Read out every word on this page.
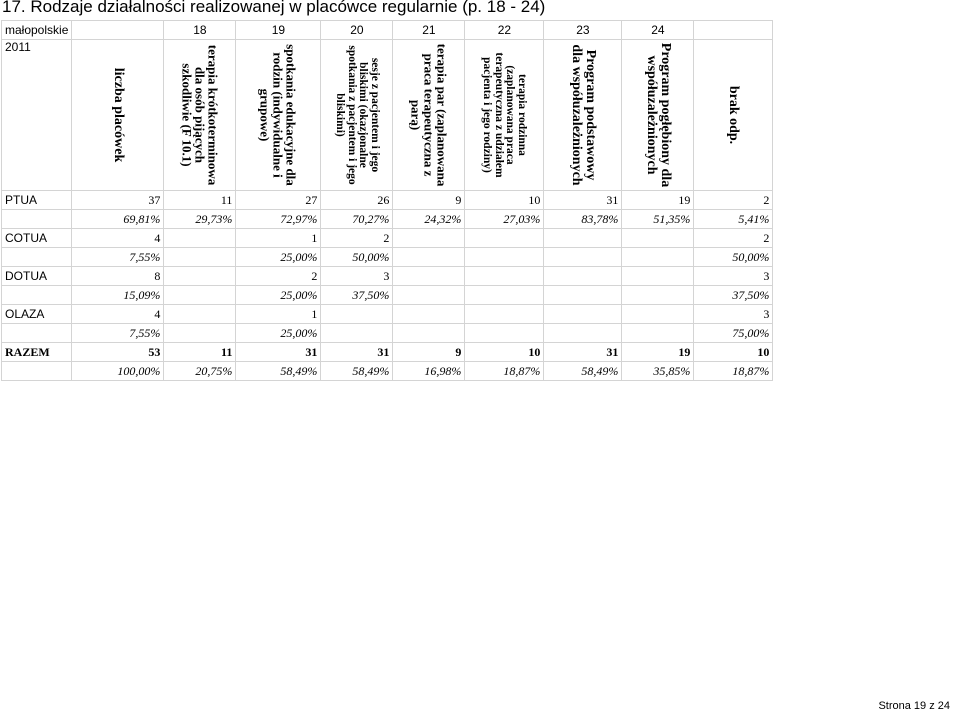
17. Rodzaje działalności realizowanej w placówce regularnie (p. 18 - 24)
małopolskie		18	19	20	21	22	23	24	
2011	liczba placówek	terapia krótkoterminowa dla osób pijących szkodliwie (F 10.1)	spotkania edukacyjne dla rodzin (indywidualne i grupowe)	sesje z pacjentem i jego bliskimi (okazjonalne spotkania z pacjentem i jego bliskimi)	terapia par (zaplanowana praca terapeutyczna z parą)	terapia rodzinna (zaplanowana praca terapeutyczna z udziałem pacjenta i jego rodziny)	Program podstawowy dla współuzależnionych	Program pogłębiony dla współuzależnionych	brak odp.

PTUA	37	11	27	26	9	10	31	19	2
	69,81%	29,73%	72,97%	70,27%	24,32%	27,03%	83,78%	51,35%	5,41%
COTUA	4		1	2					2
	7,55%		25,00%	50,00%					50,00%
DOTUA	8		2	3					3
	15,09%		25,00%	37,50%					37,50%
OLAZA	4		1						3
	7,55%		25,00%						75,00%
RAZEM	53	11	31	31	9	10	31	19	10
	100,00%	20,75%	58,49%	58,49%	16,98%	18,87%	58,49%	35,85%	18,87%
Strona 19 z 24
